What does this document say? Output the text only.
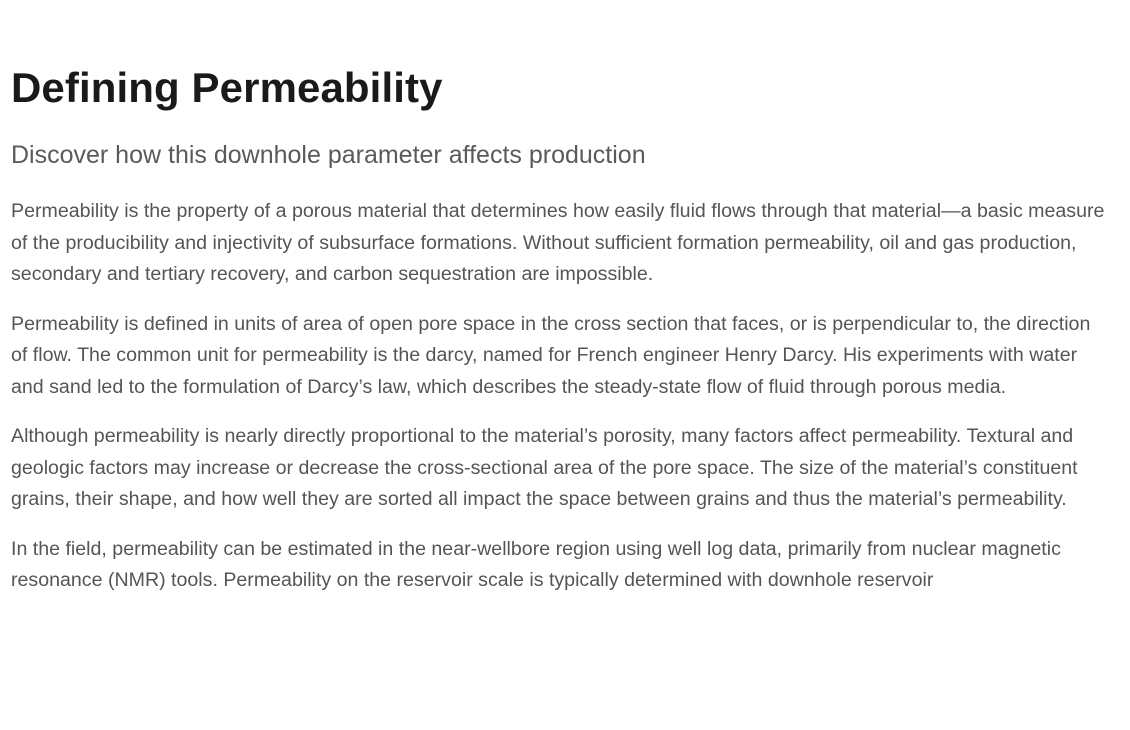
Defining Permeability
Discover how this downhole parameter affects production

Permeability is the property of a porous material that determines how easily fluid flows through that material—a basic measure of the producibility and injectivity of subsurface formations. Without sufficient formation permeability, oil and gas production, secondary and tertiary recovery, and carbon sequestration are impossible.

Permeability is defined in units of area of open pore space in the cross section that faces, or is perpendicular to, the direction of flow. The common unit for permeability is the darcy, named for French engineer Henry Darcy. His experiments with water and sand led to the formulation of Darcy’s law, which describes the steady-state flow of fluid through porous media.

Although permeability is nearly directly proportional to the material’s porosity, many factors affect permeability. Textural and geologic factors may increase or decrease the cross-sectional area of the pore space. The size of the material’s constituent grains, their shape, and how well they are sorted all impact the space between grains and thus the material’s permeability.

In the field, permeability can be estimated in the near-wellbore region using well log data, primarily from nuclear magnetic resonance (NMR) tools. Permeability on the reservoir scale is typically determined with downhole reservoir
